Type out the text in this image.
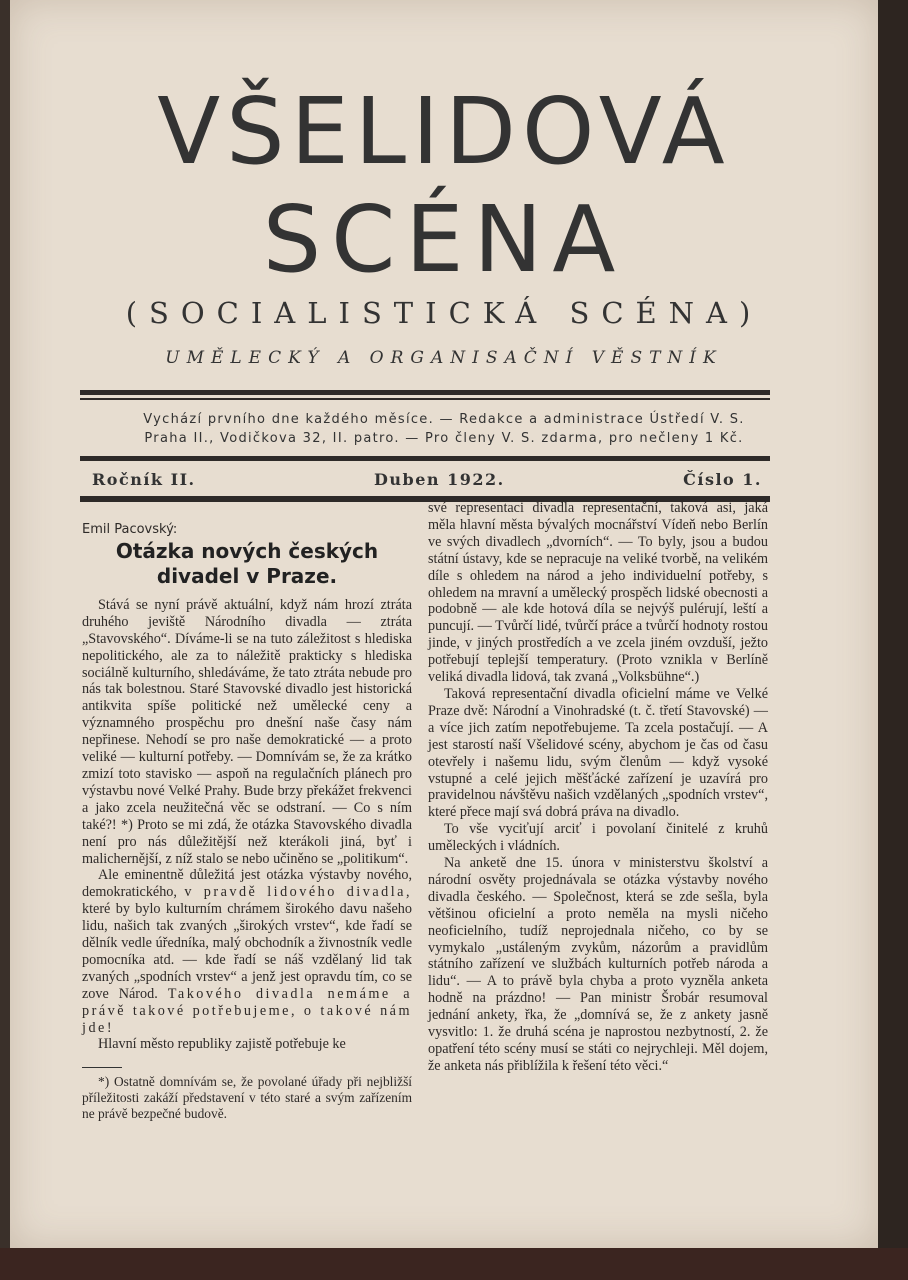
VŠELIDOVÁ
SCÉNA
(SOCIALISTICKÁ SCÉNA)
UMĚLECKÝ A ORGANISAČNÍ VĚSTNÍK
Vychází prvního dne každého měsíce. — Redakce a administrace Ústředí V. S.
Praha II., Vodičkova 32, II. patro. — Pro členy V. S. zdarma, pro nečleny 1 Kč.
Ročník II.	Duben 1922.	Číslo 1.

Emil Pacovský:

Otázka nových českých divadel v Praze.

Stává se nyní právě aktuální, když nám hrozí ztráta druhého jeviště Národního divadla — ztráta „Stavovského“. Díváme-li se na tuto záležitost s hlediska nepolitického, ale za to náležitě prakticky s hlediska sociálně kulturního, shledáváme, že tato ztráta nebude pro nás tak bolestnou. Staré Stavovské divadlo jest historická antikvita spíše politické než umělecké ceny a významného prospěchu pro dnešní naše časy nám nepřinese. Nehodí se pro naše demokratické — a proto veliké — kulturní potřeby. — Domnívám se, že za krátko zmizí toto stavisko — aspoň na regulačních plánech pro výstavbu nové Velké Prahy. Bude brzy překážet frekvenci a jako zcela neužitečná věc se odstraní. — Co s ním také?! *) Proto se mi zdá, že otázka Stavovského divadla není pro nás důležitější než kterákoli jiná, byť i malichernější, z níž stalo se nebo učiněno se „politikum“.

Ale eminentně důležitá jest otázka výstavby nového, demokratického, v pravdě lidového divadla, které by bylo kulturním chrámem širokého davu našeho lidu, našich tak zvaných „širokých vrstev“, kde řadí se dělník vedle úředníka, malý obchodník a živnostník vedle pomocníka atd. — kde řadí se náš vzdělaný lid tak zvaných „spodních vrstev“ a jenž jest opravdu tím, co se zove Národ. Takového divadla nemáme a právě takové potřebujeme, o takové nám jde!

Hlavní město republiky zajistě potřebuje ke

*) Ostatně domnívám se, že povolané úřady při nejbližší příležitosti zakáží představení v této staré a svým zařízením ne právě bezpečné budově.

své representaci divadla representační, taková asi, jaká měla hlavní města bývalých mocnářství Vídeň nebo Berlín ve svých divadlech „dvorních“. — To byly, jsou a budou státní ústavy, kde se nepracuje na veliké tvorbě, na velikém díle s ohledem na národ a jeho individuelní potřeby, s ohledem na mravní a umělecký prospěch lidské obecnosti a podobně — ale kde hotová díla se nejvýš pulérují, leští a puncují. — Tvůrčí lidé, tvůrčí práce a tvůrčí hodnoty rostou jinde, v jiných prostředích a ve zcela jiném ovzduší, ježto potřebují teplejší temperatury. (Proto vznikla v Berlíně veliká divadla lidová, tak zvaná „Volksbühne“.)

Taková representační divadla oficielní máme ve Velké Praze dvě: Národní a Vinohradské (t. č. třetí Stavovské) — a více jich zatím nepotřebujeme. Ta zcela postačují. — A jest starostí naší Všelidové scény, abychom je čas od času otevřely i našemu lidu, svým členům — když vysoké vstupné a celé jejich měšťácké zařízení je uzavírá pro pravidelnou návštěvu našich vzdělaných „spodních vrstev“, které přece mají svá dobrá práva na divadlo.

To vše vyciťují arciť i povolaní činitelé z kruhů uměleckých i vládních.

Na anketě dne 15. února v ministerstvu školství a národní osvěty projednávala se otázka výstavby nového divadla českého. — Společnost, která se zde sešla, byla většinou oficielní a proto neměla na mysli ničeho neoficielního, tudíž neprojednala ničeho, co by se vymykalo „ustáleným zvykům, názorům a pravidlům státního zařízení ve službách kulturních potřeb národa a lidu“. — A to právě byla chyba a proto vyzněla anketa hodně na prázdno! — Pan ministr Šrobár resumoval jednání ankety, řka, že „domnívá se, že z ankety jasně vysvitlo: 1. že druhá scéna je naprostou nezbytností, 2. že opatření této scény musí se státi co nejrychleji. Měl dojem, že anketa nás přiblížila k řešení této věci.“
